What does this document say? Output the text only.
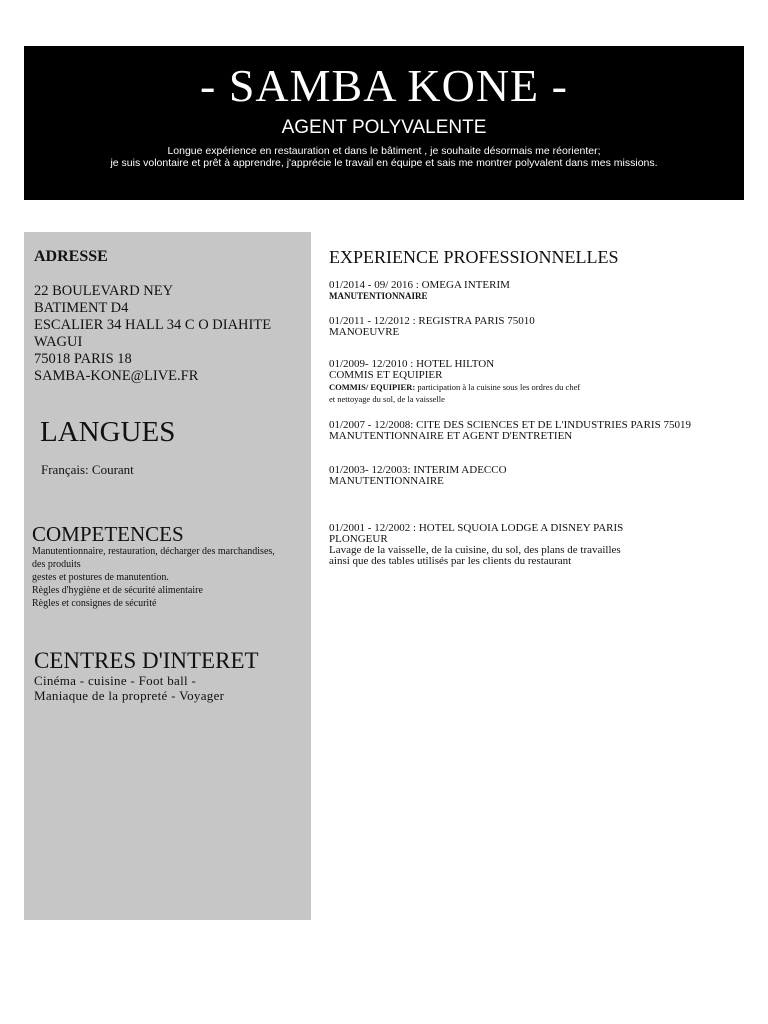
- SAMBA KONE -
AGENT POLYVALENTE
Longue expérience en restauration et dans le bâtiment , je souhaite désormais me réorienter;
je suis volontaire et prêt à apprendre, j'apprécie le travail en équipe et sais me montrer polyvalent dans mes missions.
ADRESSE
22 BOULEVARD NEY
BATIMENT D4
ESCALIER 34 HALL 34 C O DIAHITE
WAGUI
75018 PARIS 18
SAMBA-KONE@LIVE.FR
LANGUES
Français: Courant
COMPETENCES
Manutentionnaire, restauration, décharger des marchandises,
des produits
gestes et postures de manutention.
Règles d'hygiène et de sécurité alimentaire
Règles et consignes de sécurité
CENTRES D'INTERET
Cinéma - cuisine - Foot ball -
Maniaque de la propreté - Voyager
EXPERIENCE PROFESSIONNELLES
01/2014 - 09/ 2016 : OMEGA INTERIM
MANUTENTIONNAIRE
01/2011 - 12/2012 : REGISTRA PARIS 75010
MANOEUVRE
01/2009- 12/2010 : HOTEL HILTON
COMMIS ET EQUIPIER
COMMIS/ EQUIPIER: participation à la cuisine sous les ordres du chef
et nettoyage du sol, de la vaisselle
01/2007 - 12/2008: CITE DES SCIENCES ET DE L'INDUSTRIES PARIS 75019
MANUTENTIONNAIRE ET AGENT D'ENTRETIEN
01/2003- 12/2003: INTERIM ADECCO
MANUTENTIONNAIRE
01/2001 - 12/2002 : HOTEL SQUOIA LODGE A DISNEY PARIS
PLONGEUR
Lavage de la vaisselle, de la cuisine, du sol, des plans de travailles
ainsi que des tables utilisés par les clients du restaurant
